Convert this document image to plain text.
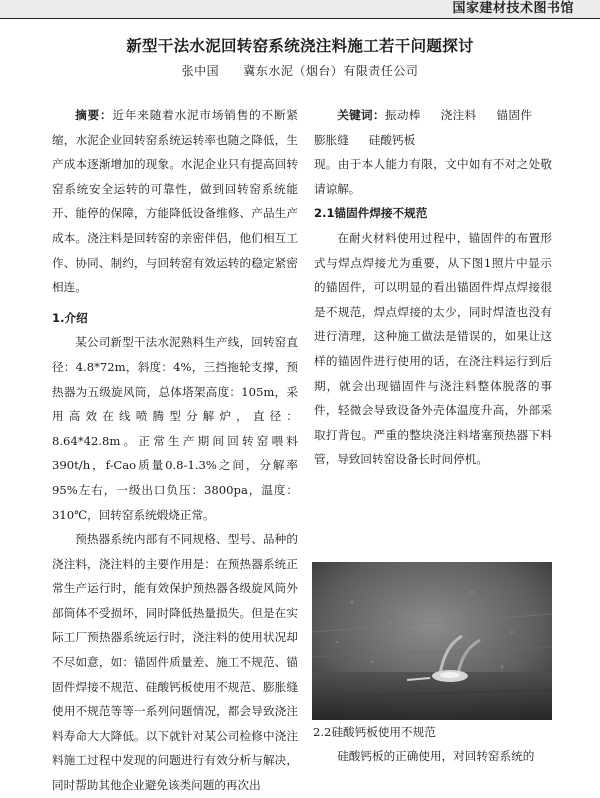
国家建材技术图书馆
新型干法水泥回转窑系统浇注料施工若干问题探讨
张中国 冀东水泥（烟台）有限责任公司

摘要：近年来随着水泥市场销售的不断紧缩，水泥企业回转窑系统运转率也随之降低，生产成本逐渐增加的现象。水泥企业只有提高回转窑系统安全运转的可靠性，做到回转窑系统能开、能停的保障，方能降低设备维修、产品生产成本。浇注料是回转窑的亲密伴侣，他们相互工作、协同、制约，与回转窑有效运转的稳定紧密相连。

1.介绍

某公司新型干法水泥熟料生产线，回转窑直径：4.8*72m，斜度：4%，三挡拖轮支撑，预热器为五级旋风筒，总体塔架高度：105m，采用高效在线喷腾型分解炉，直径：8.64*42.8m。正常生产期间回转窑喂料390t/h，f-Cao质量0.8-1.3%之间，分解率95%左右，一级出口负压：3800pa，温度：310℃，回转窑系统煅烧正常。

预热器系统内部有不同规格、型号、品种的浇注料，浇注料的主要作用是：在预热器系统正常生产运行时，能有效保护预热器各级旋风筒外部筒体不受损坏，同时降低热量损失。但是在实际工厂预热器系统运行时，浇注料的使用状况却不尽如意，如：锚固件质量差、施工不规范、锚固件焊接不规范、硅酸钙板使用不规范、膨胀缝使用不规范等等一系列问题情况，都会导致浇注料寿命大大降低。以下就针对某公司检修中浇注料施工过程中发现的问题进行有效分析与解决，同时帮助其他企业避免该类问题的再次出

关键词：振动棒 浇注料 锚固件膨胀缝 硅酸钙板

现。由于本人能力有限，文中如有不对之处敬请谅解。

2.1锚固件焊接不规范

在耐火材料使用过程中，锚固件的布置形式与焊点焊接尤为重要，从下图1照片中显示的锚固件，可以明显的看出锚固件焊点焊接很是不规范，焊点焊接的太少，同时焊渣也没有进行清理，这种施工做法是错误的，如果让这样的锚固件进行使用的话，在浇注料运行到后期，就会出现锚固件与浇注料整体脱落的事件，轻微会导致设备外壳体温度升高，外部采取打背包。严重的整块浇注料堵塞预热器下料管，导致回转窑设备长时间停机。

2.2硅酸钙板使用不规范
硅酸钙板的正确使用，对回转窑系统的
